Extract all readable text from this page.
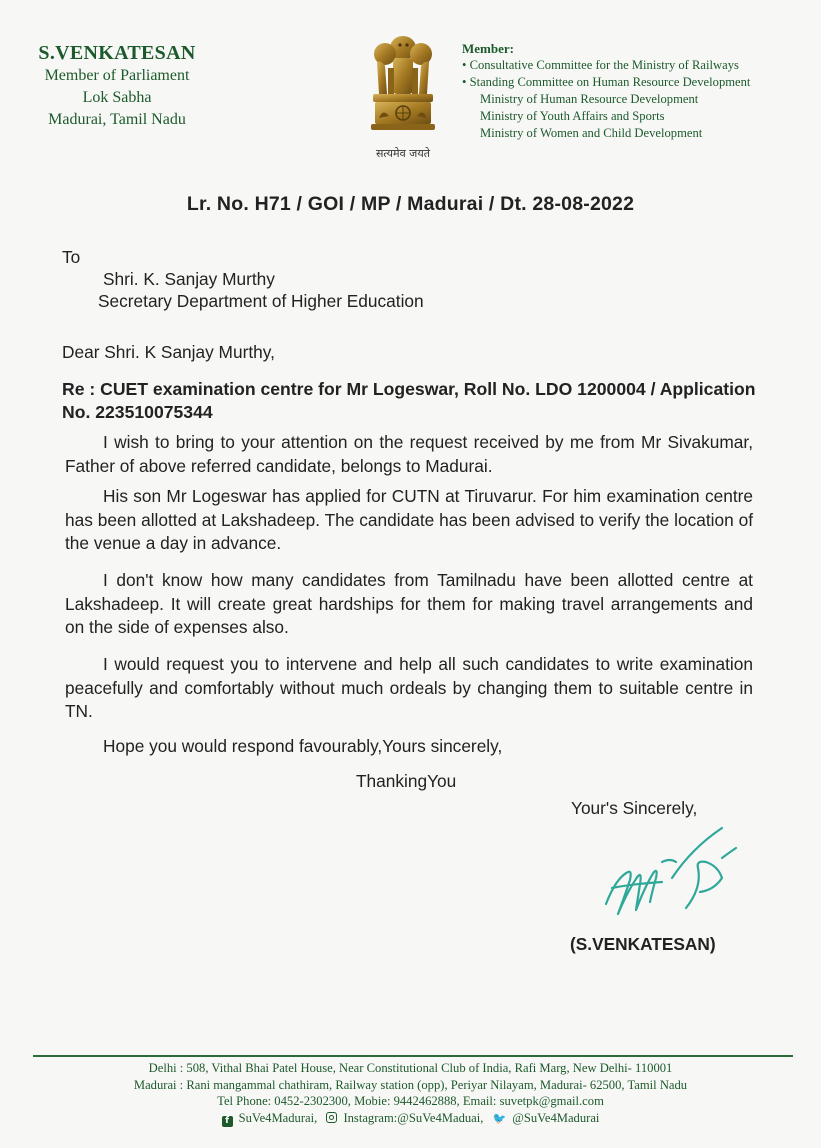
S.VENKATESAN
Member of Parliament
Lok Sabha
Madurai, Tamil Nadu
सत्यमेव जयते
Member:
• Consultative Committee for the Ministry of Railways
• Standing Committee on Human Resource Development
Ministry of Human Resource Development
Ministry of Youth Affairs and Sports
Ministry of Women and Child Development
Lr. No. H71 / GOI / MP / Madurai / Dt. 28-08-2022
To
Shri. K. Sanjay Murthy
Secretary Department of Higher Education
Dear Shri. K Sanjay Murthy,
Re : CUET examination centre for Mr Logeswar, Roll No. LDO 1200004 / Application No. 223510075344
I wish to bring to your attention on the request received by me from Mr Sivakumar, Father of above referred candidate, belongs to Madurai.
His son Mr Logeswar has applied for CUTN at Tiruvarur. For him examination centre has been allotted at Lakshadeep. The candidate has been advised to verify the location of the venue a day in advance.
I don't know how many candidates from Tamilnadu have been allotted centre at Lakshadeep. It will create great hardships for them for making travel arrangements and on the side of expenses also.
I would request you to intervene and help all such candidates to write examination peacefully and comfortably without much ordeals by changing them to suitable centre in TN.
Hope you would respond favourably,Yours sincerely,
ThankingYou
Your's Sincerely,
(S.VENKATESAN)
Delhi : 508, Vithal Bhai Patel House, Near Constitutional Club of India, Rafi Marg, New Delhi- 110001
Madurai : Rani mangammal chathiram, Railway station (opp), Periyar Nilayam, Madurai- 62500, Tamil Nadu
Tel Phone: 0452-2302300, Mobie: 9442462888, Email: suvetpk@gmail.com
f SuVe4Madurai, Instagram:@SuVe4Maduai, 🐦 @SuVe4Madurai
